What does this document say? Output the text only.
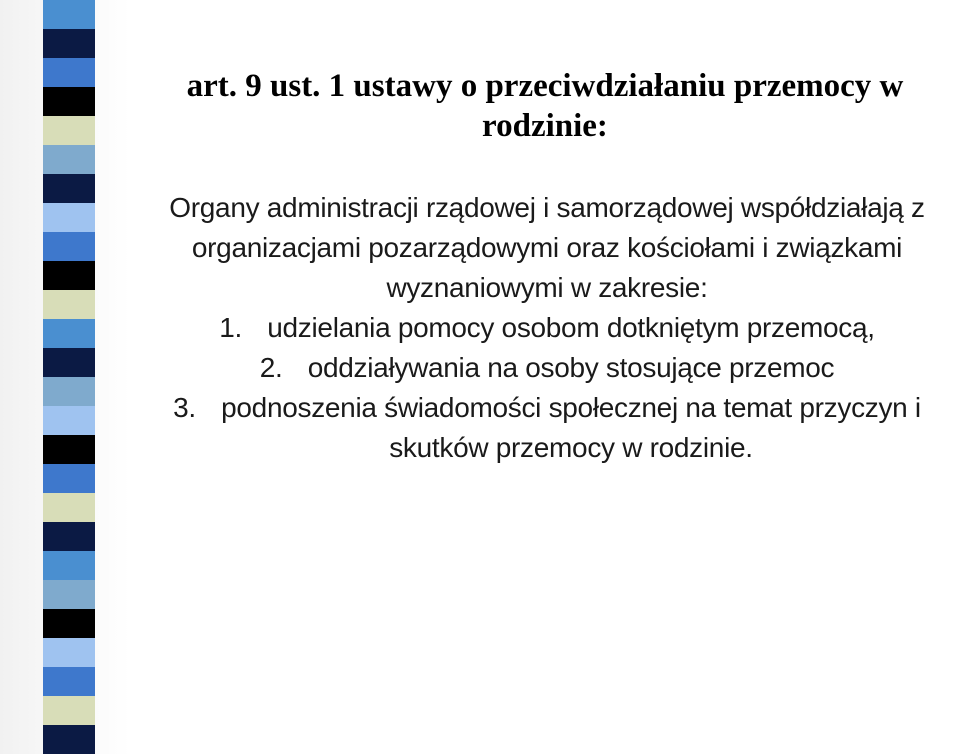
art. 9 ust. 1 ustawy o przeciwdziałaniu przemocy w rodzinie:

Organy administracji rządowej i samorządowej współdziałają z organizacjami pozarządowymi oraz kościołami i związkami wyznaniowymi w zakresie:

1. udzielania pomocy osobom dotkniętym przemocą,
2. oddziaływania na osoby stosujące przemoc
3. podnoszenia świadomości społecznej na temat przyczyn i
skutków przemocy w rodzinie.
